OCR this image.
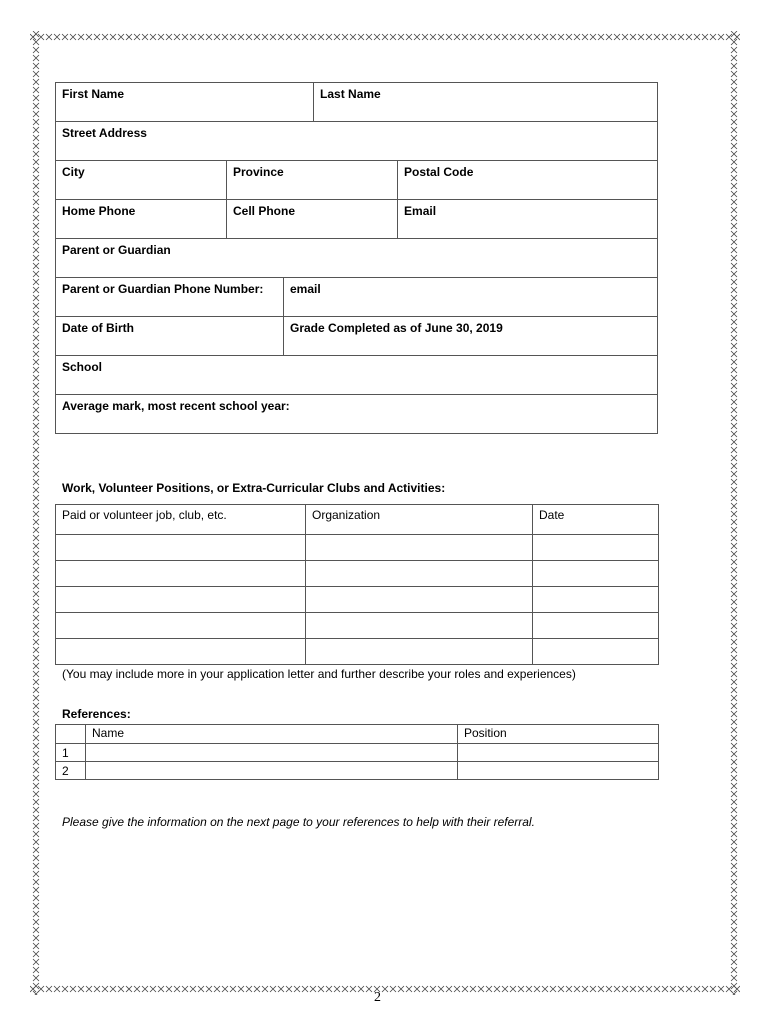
First Name			Last Name	

Street Address				

City	Province			Postal Code

Home Phone	Cell Phone			Email

Parent or Guardian				

Parent or Guardian Phone Number:		email		

Date of Birth		Grade Completed as of June 30, 2019		

School				

Average mark, most recent school year:				
Work, Volunteer Positions, or Extra-Curricular Clubs and Activities:
Paid or volunteer job, club, etc.	Organization	Date

(You may include more in your application letter and further describe your roles and experiences)
References:
	Name	Position
1		
2		
Please give the information on the next page to your references to help with their referral.
2
